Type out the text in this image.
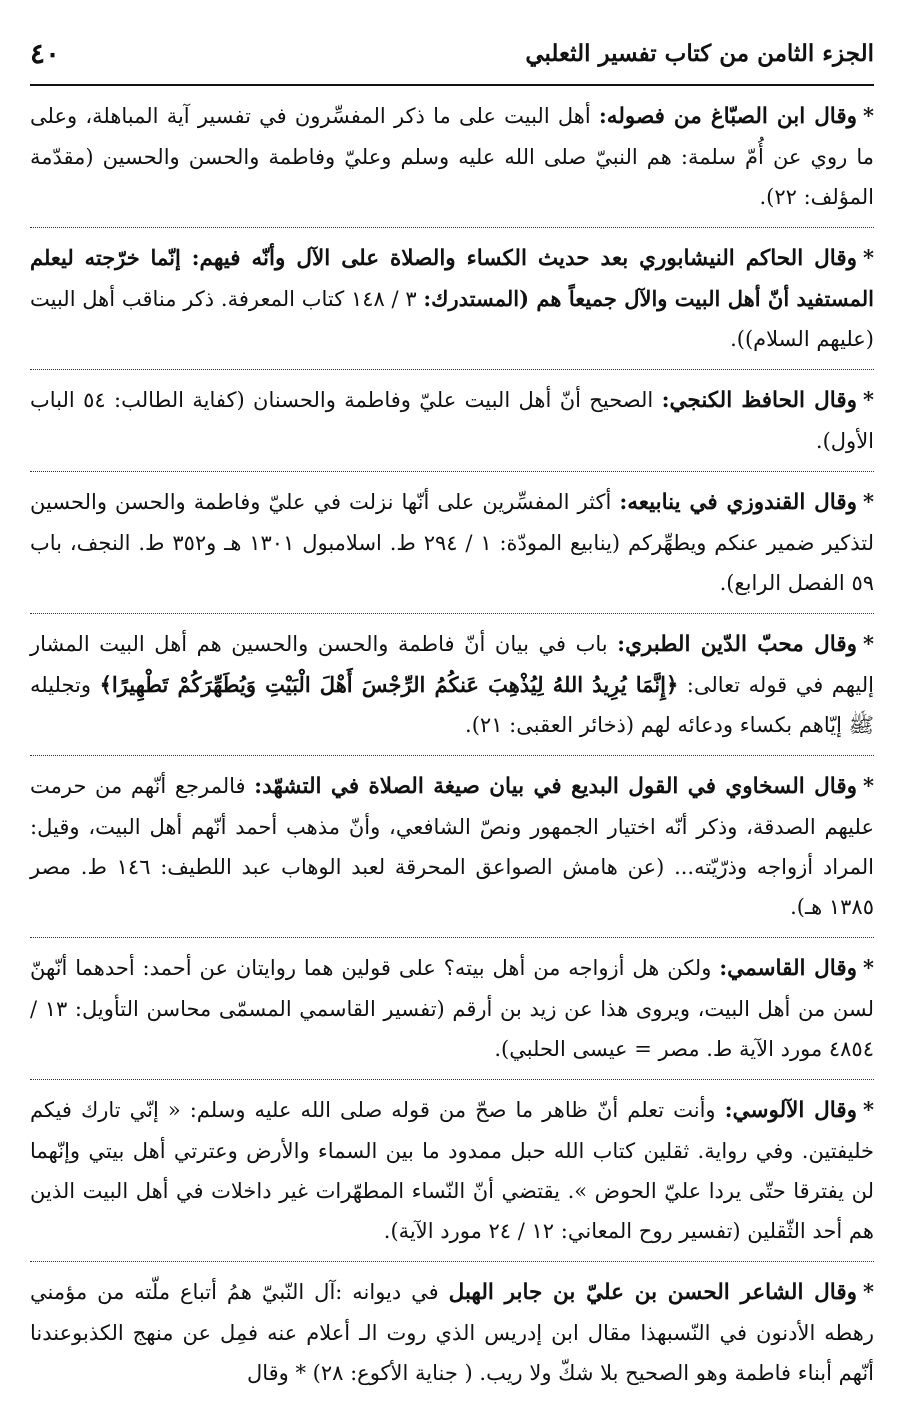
الجزء الثامن من كتاب تفسير الثعلبي
٤٠

*وقال ابن الصبّاغ من فصوله: أهل البيت على ما ذكر المفسِّرون في تفسير آية المباهلة، وعلى ما روي عن أُمّ سلمة: هم النبيّ صلى الله عليه وسلم وعليّ وفاطمة والحسن والحسين (مقدّمة المؤلف: ٢٢).

*وقال الحاكم النيشابوري بعد حديث الكساء والصلاة على الآل وأنّه فيهم: إنّما خرّجته ليعلم المستفيد أنّ أهل البيت والآل جميعاً هم (المستدرك: ٣ / ١٤٨ كتاب المعرفة. ذكر مناقب أهل البيت (عليهم السلام)).

*وقال الحافظ الكنجي: الصحيح أنّ أهل البيت عليّ وفاطمة والحسنان (كفاية الطالب: ٥٤ الباب الأول).

*وقال القندوزي في ينابيعه: أكثر المفسِّرين على أنّها نزلت في عليّ وفاطمة والحسن والحسين لتذكير ضمير عنكم ويطهِّركم (ينابيع المودّة: ١ / ٢٩٤ ط. اسلامبول ١٣٠١ هـ و٣٥٢ ط. النجف، باب ٥٩ الفصل الرابع).

*وقال محبّ الدّين الطبري: باب في بيان أنّ فاطمة والحسن والحسين هم أهل البيت المشار إليهم في قوله تعالى: ﴿إِنَّمَا يُرِيدُ اللهُ لِيُذْهِبَ عَنكُمُ الرِّجْسَ أَهْلَ الْبَيْتِ وَيُطَهِّرَكُمْ تَطْهِيرًا﴾ وتجليله ﷺ إيّاهم بكساء ودعائه لهم (ذخائر العقبى: ٢١).

*وقال السخاوي في القول البديع في بيان صيغة الصلاة في التشهّد: فالمرجع أنّهم من حرمت عليهم الصدقة، وذكر أنّه اختيار الجمهور ونصّ الشافعي، وأنّ مذهب أحمد أنّهم أهل البيت، وقيل: المراد أزواجه وذرّيّته... (عن هامش الصواعق المحرقة لعبد الوهاب عبد اللطيف: ١٤٦ ط. مصر ١٣٨٥ هـ).

*وقال القاسمي: ولكن هل أزواجه من أهل بيته؟ على قولين هما روايتان عن أحمد: أحدهما أنّهنّ لسن من أهل البيت، ويروى هذا عن زيد بن أرقم (تفسير القاسمي المسمّى محاسن التأويل: ١٣ / ٤٨٥٤ مورد الآية ط. مصر = عيسى الحلبي).

*وقال الآلوسي: وأنت تعلم أنّ ظاهر ما صحّ من قوله صلى الله عليه وسلم: « إنّي تارك فيكم خليفتين. وفي رواية. ثقلين كتاب الله حبل ممدود ما بين السماء والأرض وعترتي أهل بيتي وإنّهما لن يفترقا حتّى يردا عليّ الحوض ». يقتضي أنّ النّساء المطهّرات غير داخلات في أهل البيت الذين هم أحد الثّقلين (تفسير روح المعاني: ١٢ / ٢٤ مورد الآية).

*وقال الشاعر الحسن بن عليّ بن جابر الهبل في ديوانه :آل النّبيّ همُ أتباع ملّته من مؤمني رهطه الأدنون في النّسبهذا مقال ابن إدريس الذي روت الـ أعلام عنه فمِل عن منهج الكذبوعندنا أنّهم أبناء فاطمة وهو الصحيح بلا شكّ ولا ريب. ( جناية الأكوع: ٢٨) * وقال
